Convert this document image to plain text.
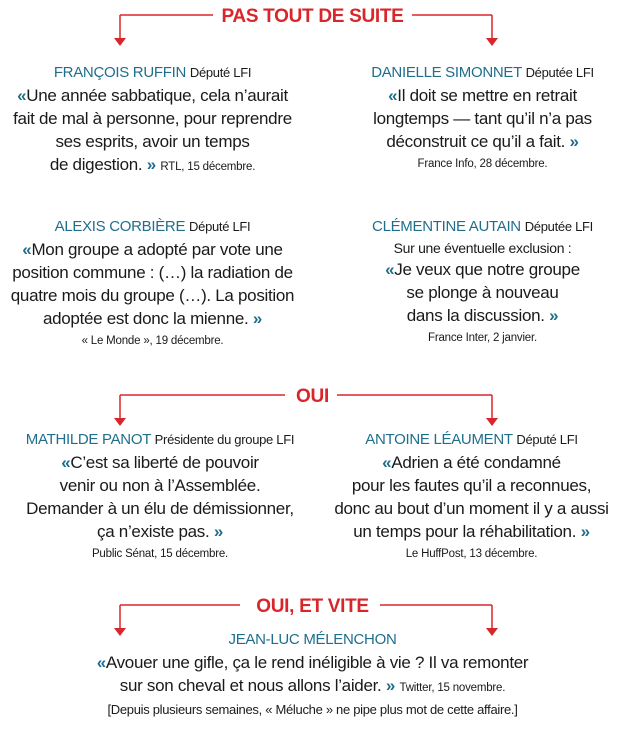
PAS TOUT DE SUITE
FRANÇOIS RUFFIN Député LFI
«Une année sabbatique, cela n’aurait
fait de mal à personne, pour reprendre
ses esprits, avoir un temps
de digestion. » RTL, 15 décembre.
DANIELLE SIMONNET Députée LFI
«Il doit se mettre en retrait
longtemps — tant qu’il n’a pas
déconstruit ce qu’il a fait. »
France Info, 28 décembre.
ALEXIS CORBIÈRE Député LFI
«Mon groupe a adopté par vote une
position commune : (…) la radiation de
quatre mois du groupe (…). La position
adoptée est donc la mienne. »
« Le Monde », 19 décembre.
CLÉMENTINE AUTAIN Députée LFI
Sur une éventuelle exclusion :
«Je veux que notre groupe
se plonge à nouveau
dans la discussion. »
France Inter, 2 janvier.
OUI
MATHILDE PANOT Présidente du groupe LFI
«C’est sa liberté de pouvoir
venir ou non à l’Assemblée.
Demander à un élu de démissionner,
ça n’existe pas. »
Public Sénat, 15 décembre.
ANTOINE LÉAUMENT Député LFI
«Adrien a été condamné
pour les fautes qu’il a reconnues,
donc au bout d’un moment il y a aussi
un temps pour la réhabilitation. »
Le HuffPost, 13 décembre.
OUI, ET VITE
JEAN-LUC MÉLENCHON
«Avouer une gifle, ça le rend inéligible à vie ? Il va remonter
sur son cheval et nous allons l’aider. » Twitter, 15 novembre.
[Depuis plusieurs semaines, « Méluche » ne pipe plus mot de cette affaire.]
